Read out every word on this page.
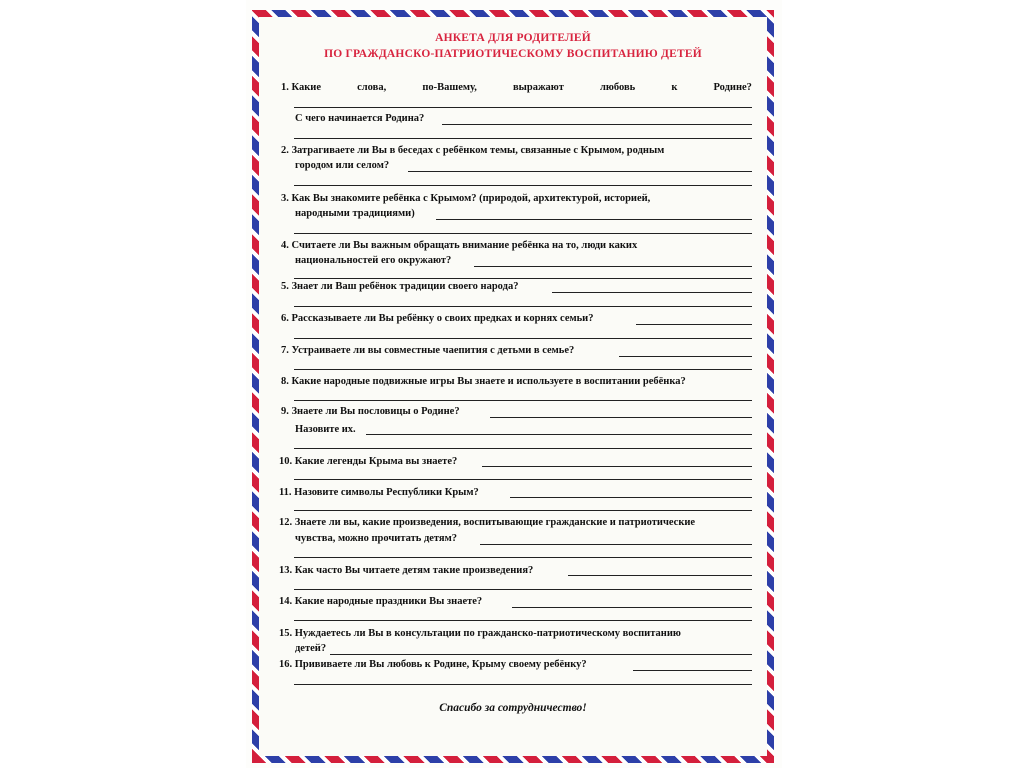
АНКЕТА ДЛЯ РОДИТЕЛЕЙ
ПО ГРАЖДАНСКО-ПАТРИОТИЧЕСКОМУ ВОСПИТАНИЮ ДЕТЕЙ
1. Какие	слова,	по-Вашему,	выражают	любовь	к	Родине?
С чего начинается Родина?
2. Затрагиваете ли Вы в беседах с ребёнком темы, связанные с Крымом, родным
городом или селом?
3. Как Вы знакомите ребёнка с Крымом? (природой, архитектурой, историей,
народными традициями)
4. Считаете ли Вы важным обращать внимание ребёнка на то, люди каких
национальностей его окружают?
5. Знает ли Ваш ребёнок традиции своего народа?
6. Рассказываете ли Вы ребёнку о своих предках и корнях семьи?
7. Устраиваете ли вы совместные чаепития с детьми в семье?
8. Какие народные подвижные игры Вы знаете и используете в воспитании ребёнка?
9. Знаете ли Вы пословицы о Родине?
Назовите их.
10. Какие легенды Крыма вы знаете?
11. Назовите символы Республики Крым?
12. Знаете ли вы, какие произведения, воспитывающие гражданские и патриотические
чувства, можно прочитать детям?
13. Как часто Вы читаете детям такие произведения?
14. Какие народные праздники Вы знаете?
15. Нуждаетесь ли Вы в консультации по гражданско-патриотическому воспитанию
детей?
16. Прививаете ли Вы любовь к Родине, Крыму своему ребёнку?
Спасибо за сотрудничество!
